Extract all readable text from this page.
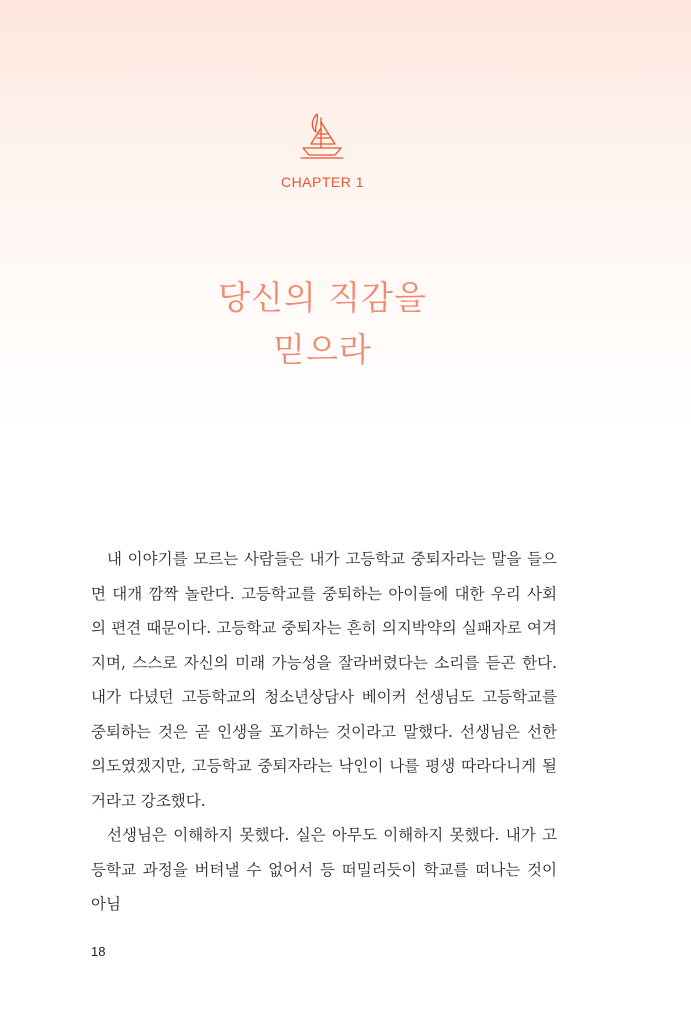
CHAPTER 1
당신의 직감을
믿으라

내 이야기를 모르는 사람들은 내가 고등학교 중퇴자라는 말을 들으면 대개 깜짝 놀란다. 고등학교를 중퇴하는 아이들에 대한 우리 사회의 편견 때문이다. 고등학교 중퇴자는 흔히 의지박약의 실패자로 여겨지며, 스스로 자신의 미래 가능성을 잘라버렸다는 소리를 듣곤 한다. 내가 다녔던 고등학교의 청소년상담사 베이커 선생님도 고등학교를 중퇴하는 것은 곧 인생을 포기하는 것이라고 말했다. 선생님은 선한 의도였겠지만, 고등학교 중퇴자라는 낙인이 나를 평생 따라다니게 될 거라고 강조했다.

선생님은 이해하지 못했다. 실은 아무도 이해하지 못했다. 내가 고등학교 과정을 버텨낼 수 없어서 등 떠밀리듯이 학교를 떠나는 것이 아님

18
